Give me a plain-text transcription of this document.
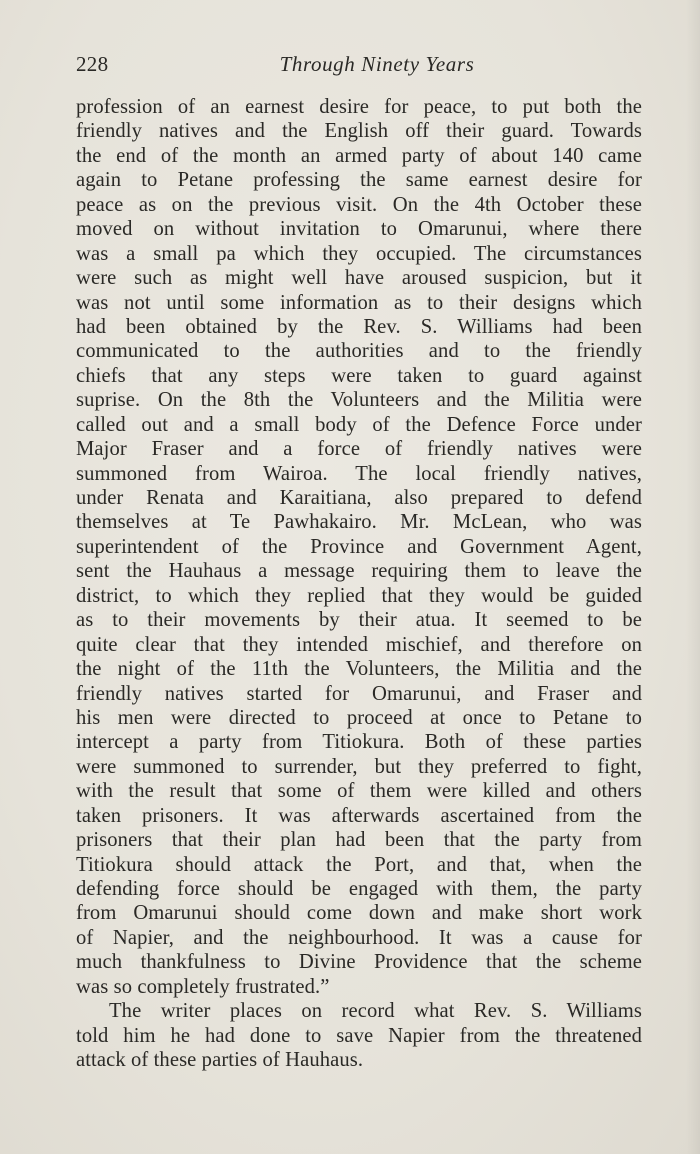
228	Through Ninety Years
profession of an earnest desire for peace, to put both the
friendly natives and the English off their guard. Towards
the end of the month an armed party of about 140 came
again to Petane professing the same earnest desire for
peace as on the previous visit. On the 4th October these
moved on without invitation to Omarunui, where there
was a small pa which they occupied. The circumstances
were such as might well have aroused suspicion, but it
was not until some information as to their designs which
had been obtained by the Rev. S. Williams had been
communicated to the authorities and to the friendly
chiefs that any steps were taken to guard against
suprise. On the 8th the Volunteers and the Militia were
called out and a small body of the Defence Force under
Major Fraser and a force of friendly natives were
summoned from Wairoa. The local friendly natives,
under Renata and Karaitiana, also prepared to defend
themselves at Te Pawhakairo. Mr. McLean, who was
superintendent of the Province and Government Agent,
sent the Hauhaus a message requiring them to leave the
district, to which they replied that they would be guided
as to their movements by their atua. It seemed to be
quite clear that they intended mischief, and therefore on
the night of the 11th the Volunteers, the Militia and the
friendly natives started for Omarunui, and Fraser and
his men were directed to proceed at once to Petane to
intercept a party from Titiokura. Both of these parties
were summoned to surrender, but they preferred to fight,
with the result that some of them were killed and others
taken prisoners. It was afterwards ascertained from the
prisoners that their plan had been that the party from
Titiokura should attack the Port, and that, when the
defending force should be engaged with them, the party
from Omarunui should come down and make short work
of Napier, and the neighbourhood. It was a cause for
much thankfulness to Divine Providence that the scheme
was so completely frustrated.”
The writer places on record what Rev. S. Williams
told him he had done to save Napier from the threatened
attack of these parties of Hauhaus.
